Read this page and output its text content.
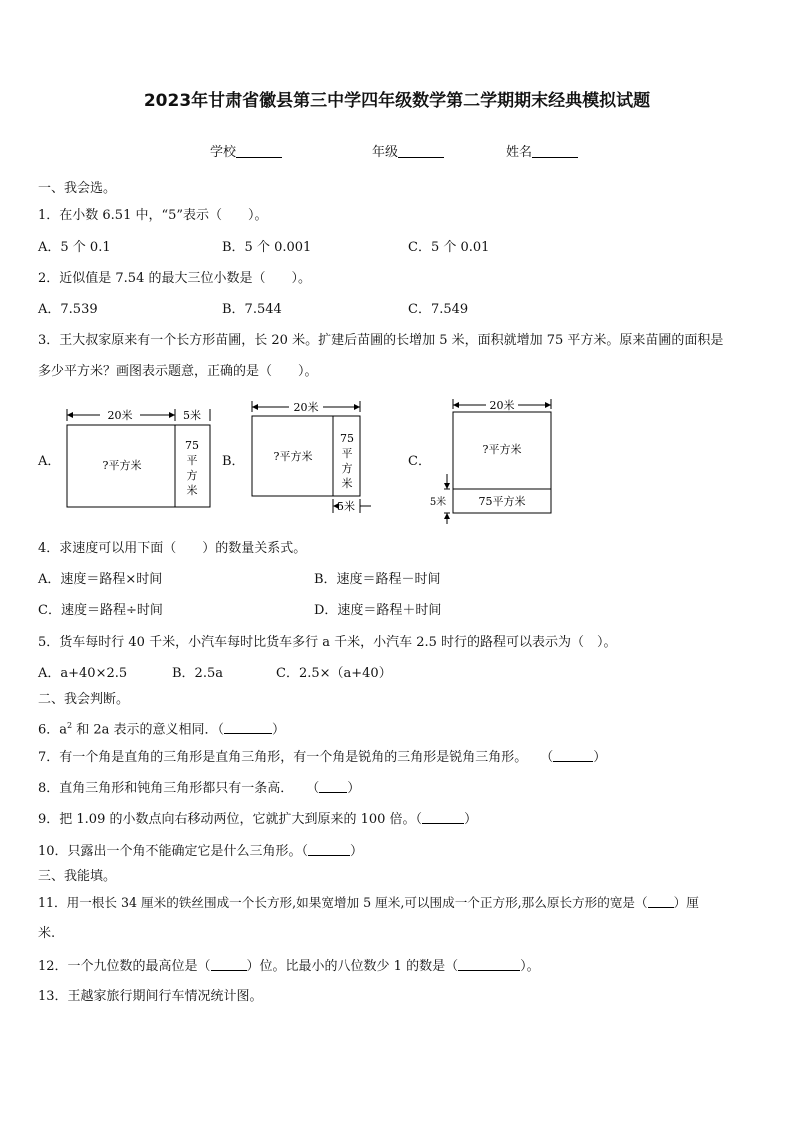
2023年甘肃省徽县第三中学四年级数学第二学期期末经典模拟试题
学校	年级	姓名
一、我会选。
1．在小数 6.51 中，“5”表示（　　）。
A．5 个 0.1	B．5 个 0.001	C．5 个 0.01
2．近似值是 7.54 的最大三位小数是（　　）。
A．7.539	B．7.544	C．7.549
3．王大叔家原来有一个长方形苗圃，长 20 米。扩建后苗圃的长增加 5 米，面积就增加 75 平方米。原来苗圃的面积是
多少平方米？画图表示题意，正确的是（　　）。
A．	B．	C．
20米	5米
?平方米
75
平
方
米
20米
5米
?平方米
75
平
方
米
20米
?平方米
5米	75平方米
4．求速度可以用下面（　　）的数量关系式。
A．速度＝路程×时间	B．速度＝路程－时间
C．速度＝路程÷时间	D．速度＝路程＋时间
5．货车每时行 40 千米，小汽车每时比货车多行 a 千米，小汽车 2.5 时行的路程可以表示为（　）。
A．a+40×2.5	B．2.5a	C．2.5×（a+40）
二、我会判断。
6．$a^2$ 和 2a 表示的意义相同．（	）
7．有一个角是直角的三角形是直角三角形，有一个角是锐角的三角形是锐角三角形。　　（	）
8．直角三角形和钝角三角形都只有一条高．　　（ ）
9．把 1.09 的小数点向右移动两位，它就扩大到原来的 100 倍。（	）
10．只露出一个角不能确定它是什么三角形。（	）
三、我能填。
11．用一根长 34 厘米的铁丝围成一个长方形,如果宽增加 5 厘米,可以围成一个正方形,那么原长方形的宽是（ ）厘
米.
12．一个九位数的最高位是（	）位。比最小的八位数少 1 的数是（	）。
13．王越家旅行期间行车情况统计图。
